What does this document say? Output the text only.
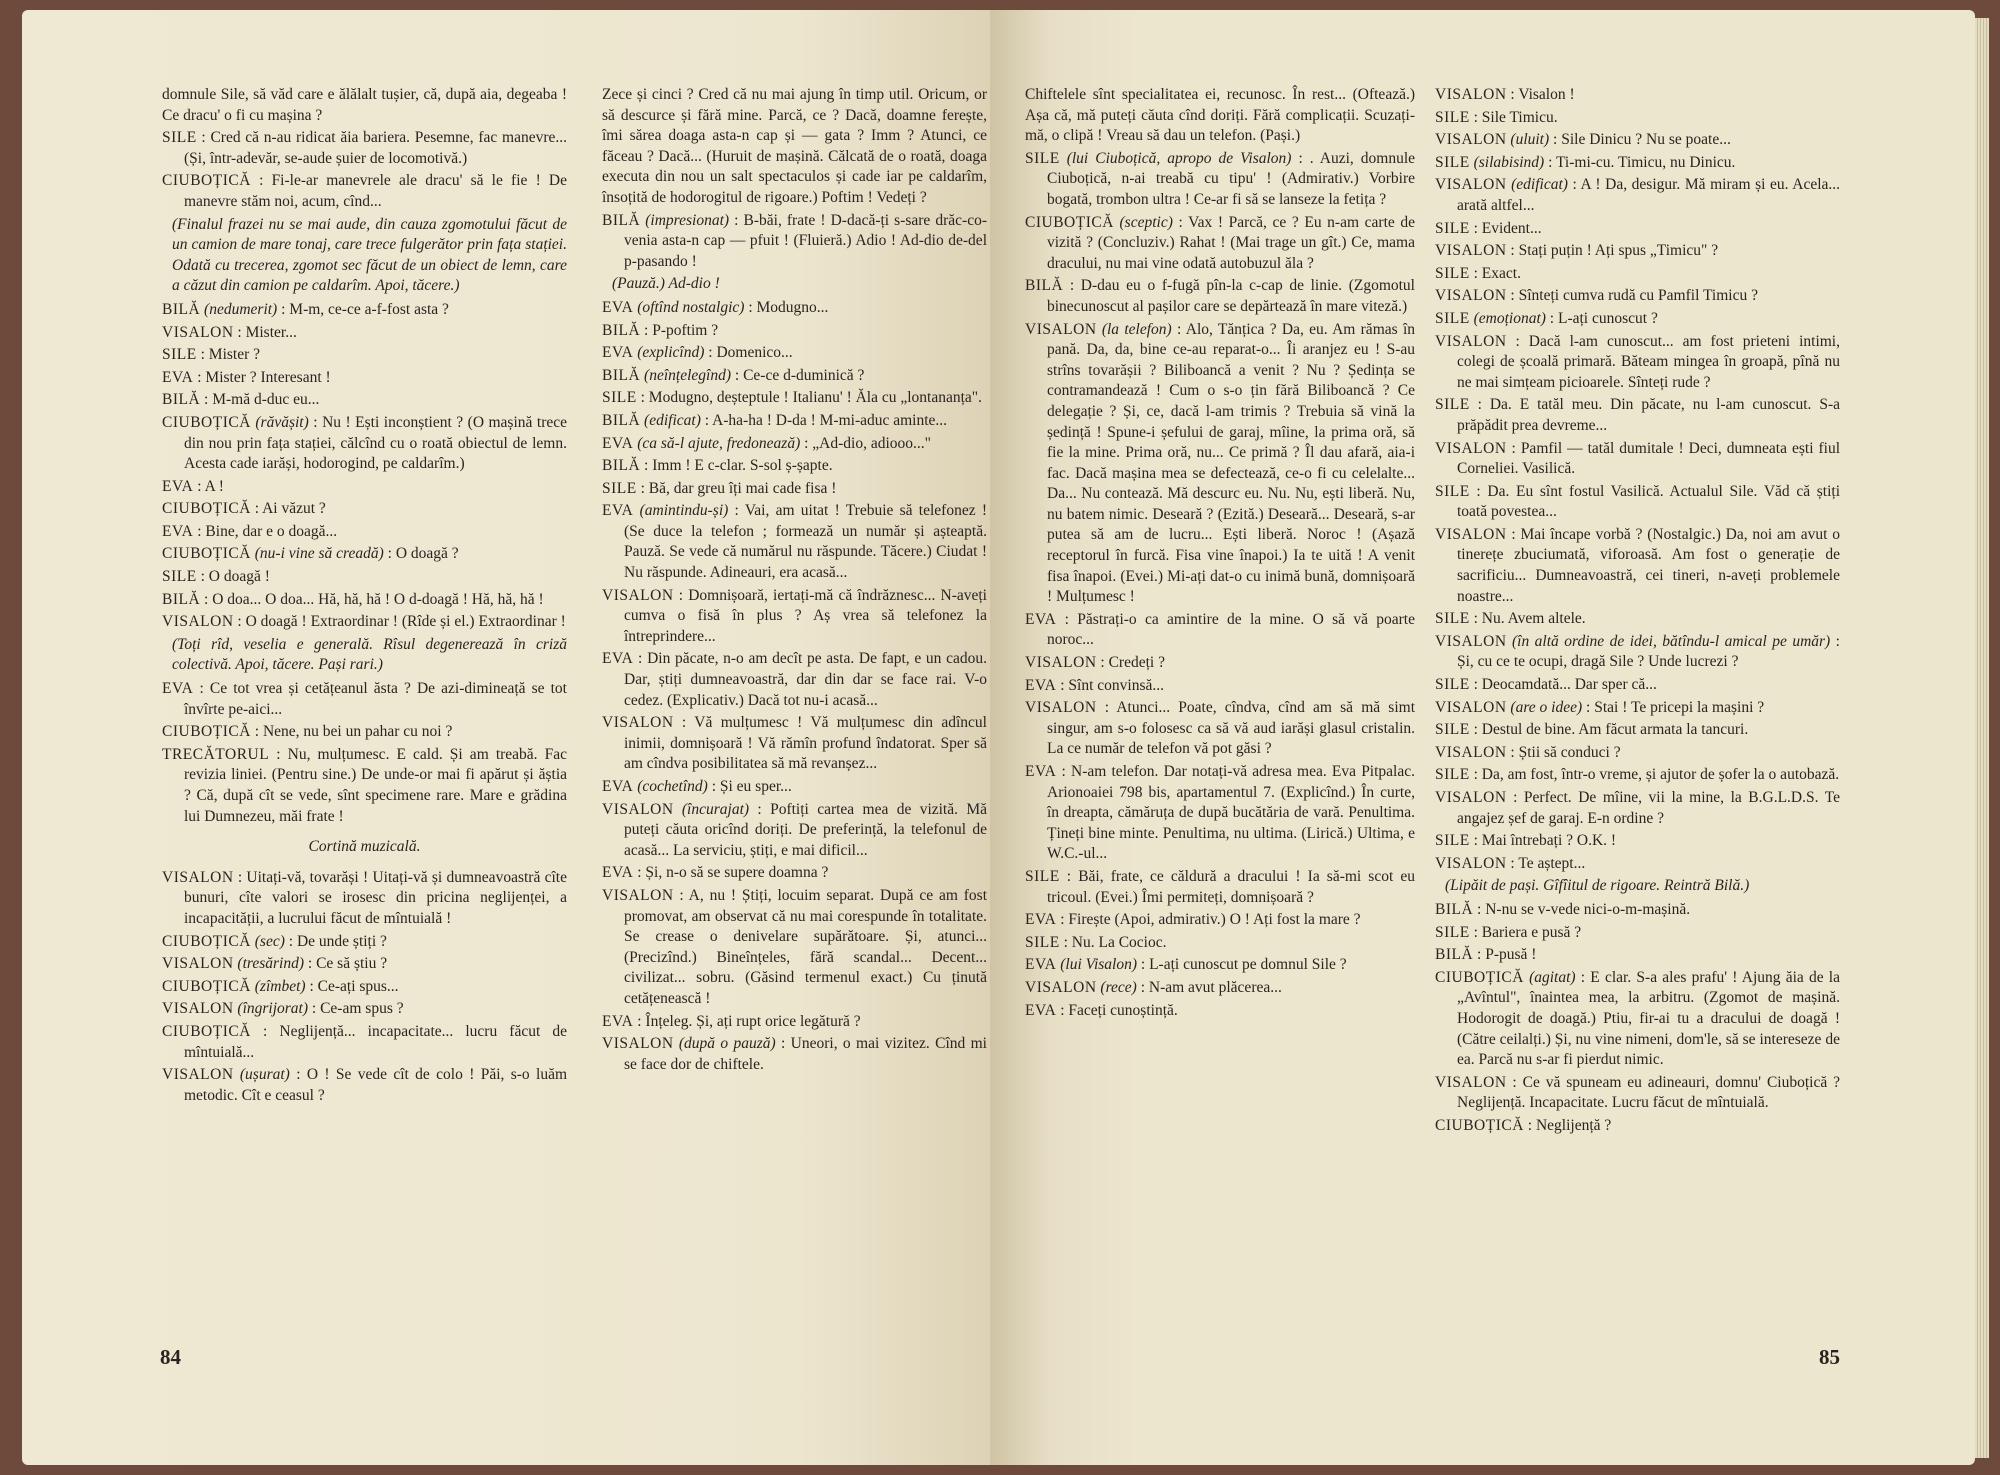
domnule Sile, să văd care e ălălalt tușier, că, după aia, degeaba ! Ce dracu' o fi cu mașina ?

SILE : Cred că n-au ridicat ăia bariera. Pesemne, fac manevre... (Și, într-adevăr, se-aude șuier de locomotivă.)

CIUBOȚICĂ : Fi-le-ar manevrele ale dracu' să le fie ! De manevre stăm noi, acum, cînd...

(Finalul frazei nu se mai aude, din cauza zgomotului făcut de un camion de mare tonaj, care trece fulgerător prin fața stației. Odată cu trecerea, zgomot sec făcut de un obiect de lemn, care a căzut din camion pe caldarîm. Apoi, tăcere.)

BILĂ (nedumerit) : M-m, ce-ce a-f-fost asta ?

VISALON : Mister...

SILE : Mister ?

EVA : Mister ? Interesant !

BILĂ : M-mă d-duc eu...

CIUBOȚICĂ (răvășit) : Nu ! Ești inconștient ? (O mașină trece din nou prin fața stației, călcînd cu o roată obiectul de lemn. Acesta cade iarăși, hodorogind, pe caldarîm.)

EVA : A !

CIUBOȚICĂ : Ai văzut ?

EVA : Bine, dar e o doagă...

CIUBOȚICĂ (nu-i vine să creadă) : O doagă ?

SILE : O doagă !

BILĂ : O doa... O doa... Hă, hă, hă ! O d-doagă ! Hă, hă, hă !

VISALON : O doagă ! Extraordinar ! (Rîde și el.) Extraordinar !

(Toți rîd, veselia e generală. Rîsul degenerează în criză colectivă. Apoi, tăcere. Pași rari.)

EVA : Ce tot vrea și cetățeanul ăsta ? De azi-dimineață se tot învîrte pe-aici...

CIUBOȚICĂ : Nene, nu bei un pahar cu noi ?

TRECĂTORUL : Nu, mulțumesc. E cald. Și am treabă. Fac revizia liniei. (Pentru sine.) De unde-or mai fi apărut și ăștia ? Că, după cît se vede, sînt specimene rare. Mare e grădina lui Dumnezeu, măi frate !

Cortină muzicală.

VISALON : Uitați-vă, tovarăși ! Uitați-vă și dumneavoastră cîte bunuri, cîte valori se irosesc din pricina neglijenței, a incapacității, a lucrului făcut de mîntuială !

CIUBOȚICĂ (sec) : De unde știți ?

VISALON (tresărind) : Ce să știu ?

CIUBOȚICĂ (zîmbet) : Ce-ați spus...

VISALON (îngrijorat) : Ce-am spus ?

CIUBOȚICĂ : Neglijență... incapacitate... lucru făcut de mîntuială...

VISALON (ușurat) : O ! Se vede cît de colo ! Păi, s-o luăm metodic. Cît e ceasul ?

Zece și cinci ? Cred că nu mai ajung în timp util. Oricum, or să descurce și fără mine. Parcă, ce ? Dacă, doamne ferește, îmi sărea doaga asta-n cap și — gata ? Imm ? Atunci, ce făceau ? Dacă... (Huruit de mașină. Călcată de o roată, doaga executa din nou un salt spectaculos și cade iar pe caldarîm, însoțită de hodorogitul de rigoare.) Poftim ! Vedeți ?

BILĂ (impresionat) : B-băi, frate ! D-dacă-ți s-sare drăc-co-venia asta-n cap — pfuit ! (Fluieră.) Adio ! Ad-dio de-del p-pasando !

(Pauză.) Ad-dio !

EVA (oftînd nostalgic) : Modugno...

BILĂ : P-poftim ?

EVA (explicînd) : Domenico...

BILĂ (neînțelegînd) : Ce-ce d-duminică ?

SILE : Modugno, deșteptule ! Italianu' ! Ăla cu „lontananța".

BILĂ (edificat) : A-ha-ha ! D-da ! M-mi-aduc aminte...

EVA (ca să-l ajute, fredonează) : „Ad-dio, adiooo..."

BILĂ : Imm ! E c-clar. S-sol ș-șapte.

SILE : Bă, dar greu îți mai cade fisa !

EVA (amintindu-și) : Vai, am uitat ! Trebuie să telefonez ! (Se duce la telefon ; formează un număr și așteaptă. Pauză. Se vede că numărul nu răspunde. Tăcere.) Ciudat ! Nu răspunde. Adineauri, era acasă...

VISALON : Domnișoară, iertați-mă că îndrăznesc... N-aveți cumva o fisă în plus ? Aș vrea să telefonez la întreprindere...

EVA : Din păcate, n-o am decît pe asta. De fapt, e un cadou. Dar, știți dumneavoastră, dar din dar se face rai. V-o cedez. (Explicativ.) Dacă tot nu-i acasă...

VISALON : Vă mulțumesc ! Vă mulțumesc din adîncul inimii, domnișoară ! Vă rămîn profund îndatorat. Sper să am cîndva posibilitatea să mă revanșez...

EVA (cochetînd) : Și eu sper...

VISALON (încurajat) : Poftiți cartea mea de vizită. Mă puteți căuta oricînd doriți. De preferință, la telefonul de acasă... La serviciu, știți, e mai dificil...

EVA : Și, n-o să se supere doamna ?

VISALON : A, nu ! Știți, locuim separat. După ce am fost promovat, am observat că nu mai corespunde în totalitate. Se crease o denivelare supărătoare. Și, atunci... (Precizînd.) Bineînțeles, fără scandal... Decent... civilizat... sobru. (Găsind termenul exact.) Cu ținută cetățenească !

EVA : Înțeleg. Și, ați rupt orice legătură ?

VISALON (după o pauză) : Uneori, o mai vizitez. Cînd mi se face dor de chiftele.

84

Chiftelele sînt specialitatea ei, recunosc. În rest... (Oftează.) Așa că, mă puteți căuta cînd doriți. Fără complicații. Scuzați-mă, o clipă ! Vreau să dau un telefon. (Pași.)

SILE (lui Ciuboțică, apropo de Visalon) : . Auzi, domnule Ciuboțică, n-ai treabă cu tipu' ! (Admirativ.) Vorbire bogată, trombon ultra ! Ce-ar fi să se lanseze la fetița ?

CIUBOȚICĂ (sceptic) : Vax ! Parcă, ce ? Eu n-am carte de vizită ? (Concluziv.) Rahat ! (Mai trage un gît.) Ce, mama dracului, nu mai vine odată autobuzul ăla ?

BILĂ : D-dau eu o f-fugă pîn-la c-cap de linie. (Zgomotul binecunoscut al pașilor care se depărtează în mare viteză.)

VISALON (la telefon) : Alo, Tănțica ? Da, eu. Am rămas în pană. Da, da, bine ce-au reparat-o... Îi aranjez eu ! S-au strîns tovarășii ? Biliboancă a venit ? Nu ? Ședința se contramandează ! Cum o s-o țin fără Biliboancă ? Ce delegație ? Și, ce, dacă l-am trimis ? Trebuia să vină la ședință ! Spune-i șefului de garaj, mîine, la prima oră, să fie la mine. Prima oră, nu... Ce primă ? Îl dau afară, aia-i fac. Dacă mașina mea se defectează, ce-o fi cu celelalte... Da... Nu contează. Mă descurc eu. Nu. Nu, ești liberă. Nu, nu batem nimic. Deseară ? (Ezită.) Deseară... Deseară, s-ar putea să am de lucru... Ești liberă. Noroc ! (Așază receptorul în furcă. Fisa vine înapoi.) Ia te uită ! A venit fisa înapoi. (Evei.) Mi-ați dat-o cu inimă bună, domnișoară ! Mulțumesc !

EVA : Păstrați-o ca amintire de la mine. O să vă poarte noroc...

VISALON : Credeți ?

EVA : Sînt convinsă...

VISALON : Atunci... Poate, cîndva, cînd am să mă simt singur, am s-o folosesc ca să vă aud iarăși glasul cristalin. La ce număr de telefon vă pot găsi ?

EVA : N-am telefon. Dar notați-vă adresa mea. Eva Pitpalac. Arionoaiei 798 bis, apartamentul 7. (Explicînd.) În curte, în dreapta, cămăruța de după bucătăria de vară. Penultima. Țineți bine minte. Penultima, nu ultima. (Lirică.) Ultima, e W.C.-ul...

SILE : Băi, frate, ce căldură a dracului ! Ia să-mi scot eu tricoul. (Evei.) Îmi permiteți, domnișoară ?

EVA : Firește (Apoi, admirativ.) O ! Ați fost la mare ?

SILE : Nu. La Cocioc.

EVA (lui Visalon) : L-ați cunoscut pe domnul Sile ?

VISALON (rece) : N-am avut plăcerea...

EVA : Faceți cunoștință.

VISALON : Visalon !

SILE : Sile Timicu.

VISALON (uluit) : Sile Dinicu ? Nu se poate...

SILE (silabisind) : Ti-mi-cu. Timicu, nu Dinicu.

VISALON (edificat) : A ! Da, desigur. Mă miram și eu. Acela... arată altfel...

SILE : Evident...

VISALON : Stați puțin ! Ați spus „Timicu" ?

SILE : Exact.

VISALON : Sînteți cumva rudă cu Pamfil Timicu ?

SILE (emoționat) : L-ați cunoscut ?

VISALON : Dacă l-am cunoscut... am fost prieteni intimi, colegi de școală primară. Băteam mingea în groapă, pînă nu ne mai simțeam picioarele. Sînteți rude ?

SILE : Da. E tatăl meu. Din păcate, nu l-am cunoscut. S-a prăpădit prea devreme...

VISALON : Pamfil — tatăl dumitale ! Deci, dumneata ești fiul Corneliei. Vasilică.

SILE : Da. Eu sînt fostul Vasilică. Actualul Sile. Văd că știți toată povestea...

VISALON : Mai încape vorbă ? (Nostalgic.) Da, noi am avut o tinerețe zbuciumată, viforoasă. Am fost o generație de sacrificiu... Dumneavoastră, cei tineri, n-aveți problemele noastre...

SILE : Nu. Avem altele.

VISALON (în altă ordine de idei, bătîndu-l amical pe umăr) : Și, cu ce te ocupi, dragă Sile ? Unde lucrezi ?

SILE : Deocamdată... Dar sper că...

VISALON (are o idee) : Stai ! Te pricepi la mașini ?

SILE : Destul de bine. Am făcut armata la tancuri.

VISALON : Știi să conduci ?

SILE : Da, am fost, într-o vreme, și ajutor de șofer la o autobază.

VISALON : Perfect. De mîine, vii la mine, la B.G.L.D.S. Te angajez șef de garaj. E-n ordine ?

SILE : Mai întrebați ? O.K. !

VISALON : Te aștept...

(Lipăit de pași. Gîfîitul de rigoare. Reintră Bilă.)

BILĂ : N-nu se v-vede nici-o-m-mașină.

SILE : Bariera e pusă ?

BILĂ : P-pusă !

CIUBOȚICĂ (agitat) : E clar. S-a ales prafu' ! Ajung ăia de la „Avîntul", înaintea mea, la arbitru. (Zgomot de mașină. Hodorogit de doagă.) Ptiu, fir-ai tu a dracului de doagă ! (Către ceilalți.) Și, nu vine nimeni, dom'le, să se intereseze de ea. Parcă nu s-ar fi pierdut nimic.

VISALON : Ce vă spuneam eu adineauri, domnu' Ciuboțică ? Neglijență. Incapacitate. Lucru făcut de mîntuială.

CIUBOȚICĂ : Neglijență ?

85
